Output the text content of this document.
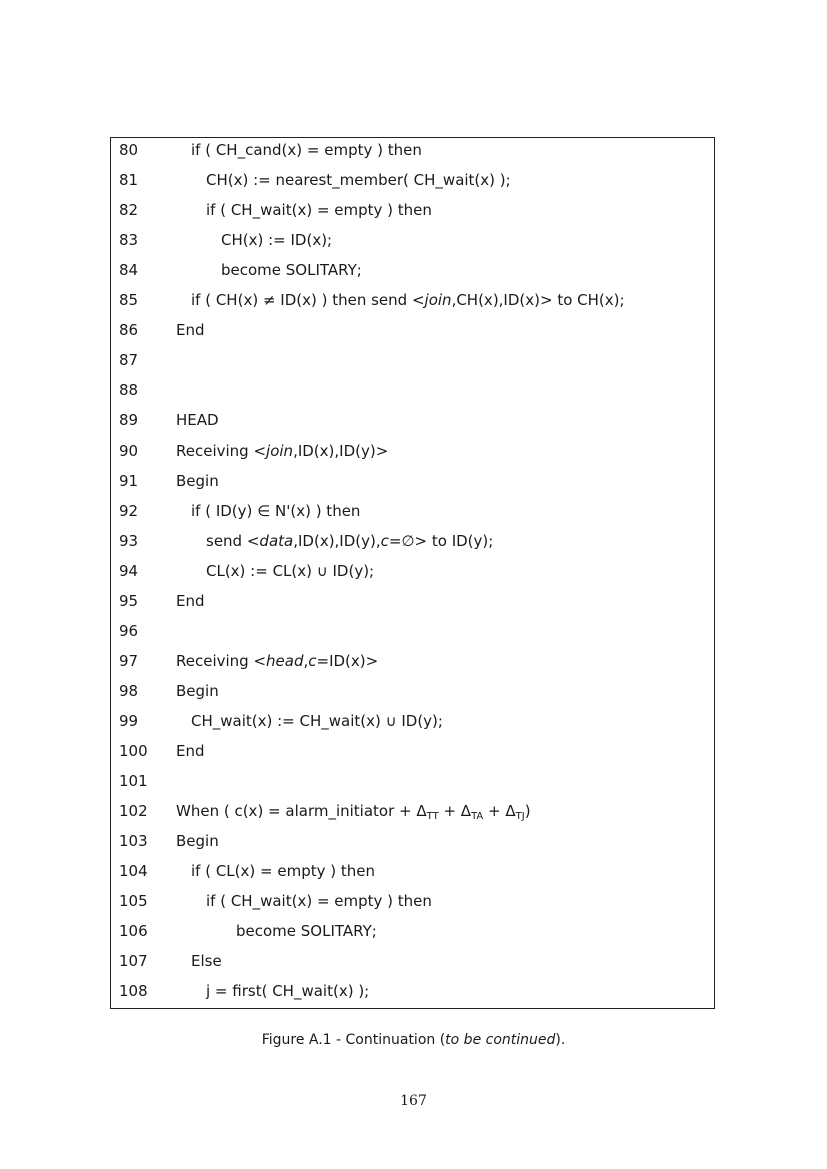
80	if ( CH_cand(x) = empty ) then
81	CH(x) := nearest_member( CH_wait(x) );
82	if ( CH_wait(x) = empty ) then
83	CH(x) := ID(x);
84	become SOLITARY;
85	if ( CH(x) ≠ ID(x) ) then send <join,CH(x),ID(x)> to CH(x);
86	End
87
88
89	HEAD
90	Receiving <join,ID(x),ID(y)>
91	Begin
92	if ( ID(y) ∈ N'(x) ) then
93	send <data,ID(x),ID(y),c=∅> to ID(y);
94	CL(x) := CL(x) ∪ ID(y);
95	End
96
97	Receiving <head,c=ID(x)>
98	Begin
99	CH_wait(x) := CH_wait(x) ∪ ID(y);
100 End
101
102 When ( c(x) = alarm_initiator + $\Delta_{TT} + \Delta_{TA} + \Delta_{TJ}$)
103 Begin
104	if ( CL(x) = empty ) then
105	if ( CH_wait(x) = empty ) then
106	become SOLITARY;
107	Else
108	j = first( CH_wait(x) );
Figure A.1 - Continuation (to be continued).
167
